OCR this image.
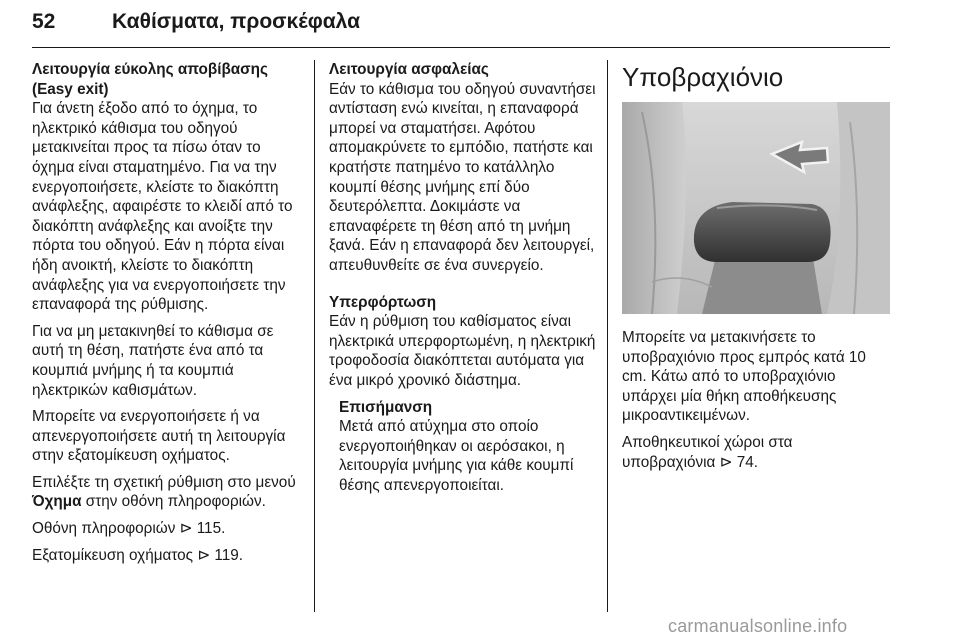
52	Καθίσματα, προσκέφαλα
Λειτουργία εύκολης αποβίβασης (Easy exit)

Για άνετη έξοδο από το όχημα, το ηλεκτρικό κάθισμα του οδηγού μετακινείται προς τα πίσω όταν το όχημα είναι σταματημένο. Για να την ενεργοποιήσετε, κλείστε το διακόπτη ανάφλεξης, αφαιρέστε το κλειδί από το διακόπτη ανάφλεξης και ανοίξτε την πόρτα του οδηγού. Εάν η πόρτα είναι ήδη ανοικτή, κλείστε το διακόπτη ανάφλεξης για να ενεργοποιήσετε την επαναφορά της ρύθμισης.

Για να μη μετακινηθεί το κάθισμα σε αυτή τη θέση, πατήστε ένα από τα κουμπιά μνήμης ή τα κουμπιά ηλεκτρικών καθισμάτων.

Μπορείτε να ενεργοποιήσετε ή να απενεργοποιήσετε αυτή τη λειτουργία στην εξατομίκευση οχήματος.

Επιλέξτε τη σχετική ρύθμιση στο μενού Όχημα στην οθόνη πληροφοριών.

Οθόνη πληροφοριών ⊳ 115.

Εξατομίκευση οχήματος ⊳ 119.

Λειτουργία ασφαλείας

Εάν το κάθισμα του οδηγού συναντήσει αντίσταση ενώ κινείται, η επαναφορά μπορεί να σταματήσει. Αφότου απομακρύνετε το εμπόδιο, πατήστε και κρατήστε πατημένο το κατάλληλο κουμπί θέσης μνήμης επί δύο δευτερόλεπτα. Δοκιμάστε να επαναφέρετε τη θέση από τη μνήμη ξανά. Εάν η επαναφορά δεν λειτουργεί, απευθυνθείτε σε ένα συνεργείο.

Υπερφόρτωση

Εάν η ρύθμιση του καθίσματος είναι ηλεκτρικά υπερφορτωμένη, η ηλεκτρική τροφοδοσία διακόπτεται αυτόματα για ένα μικρό χρονικό διάστημα.

Επισήμανση
Μετά από ατύχημα στο οποίο ενεργοποιήθηκαν οι αερόσακοι, η λειτουργία μνήμης για κάθε κουμπί θέσης απενεργοποιείται.
Υποβραχιόνιο

Μπορείτε να μετακινήσετε το υποβραχιόνιο προς εμπρός κατά 10 cm. Κάτω από το υποβραχιόνιο υπάρχει μία θήκη αποθήκευσης μικροαντικειμένων.

Αποθηκευτικοί χώροι στα υποβραχιόνια ⊳ 74.

carmanualsonline.info
